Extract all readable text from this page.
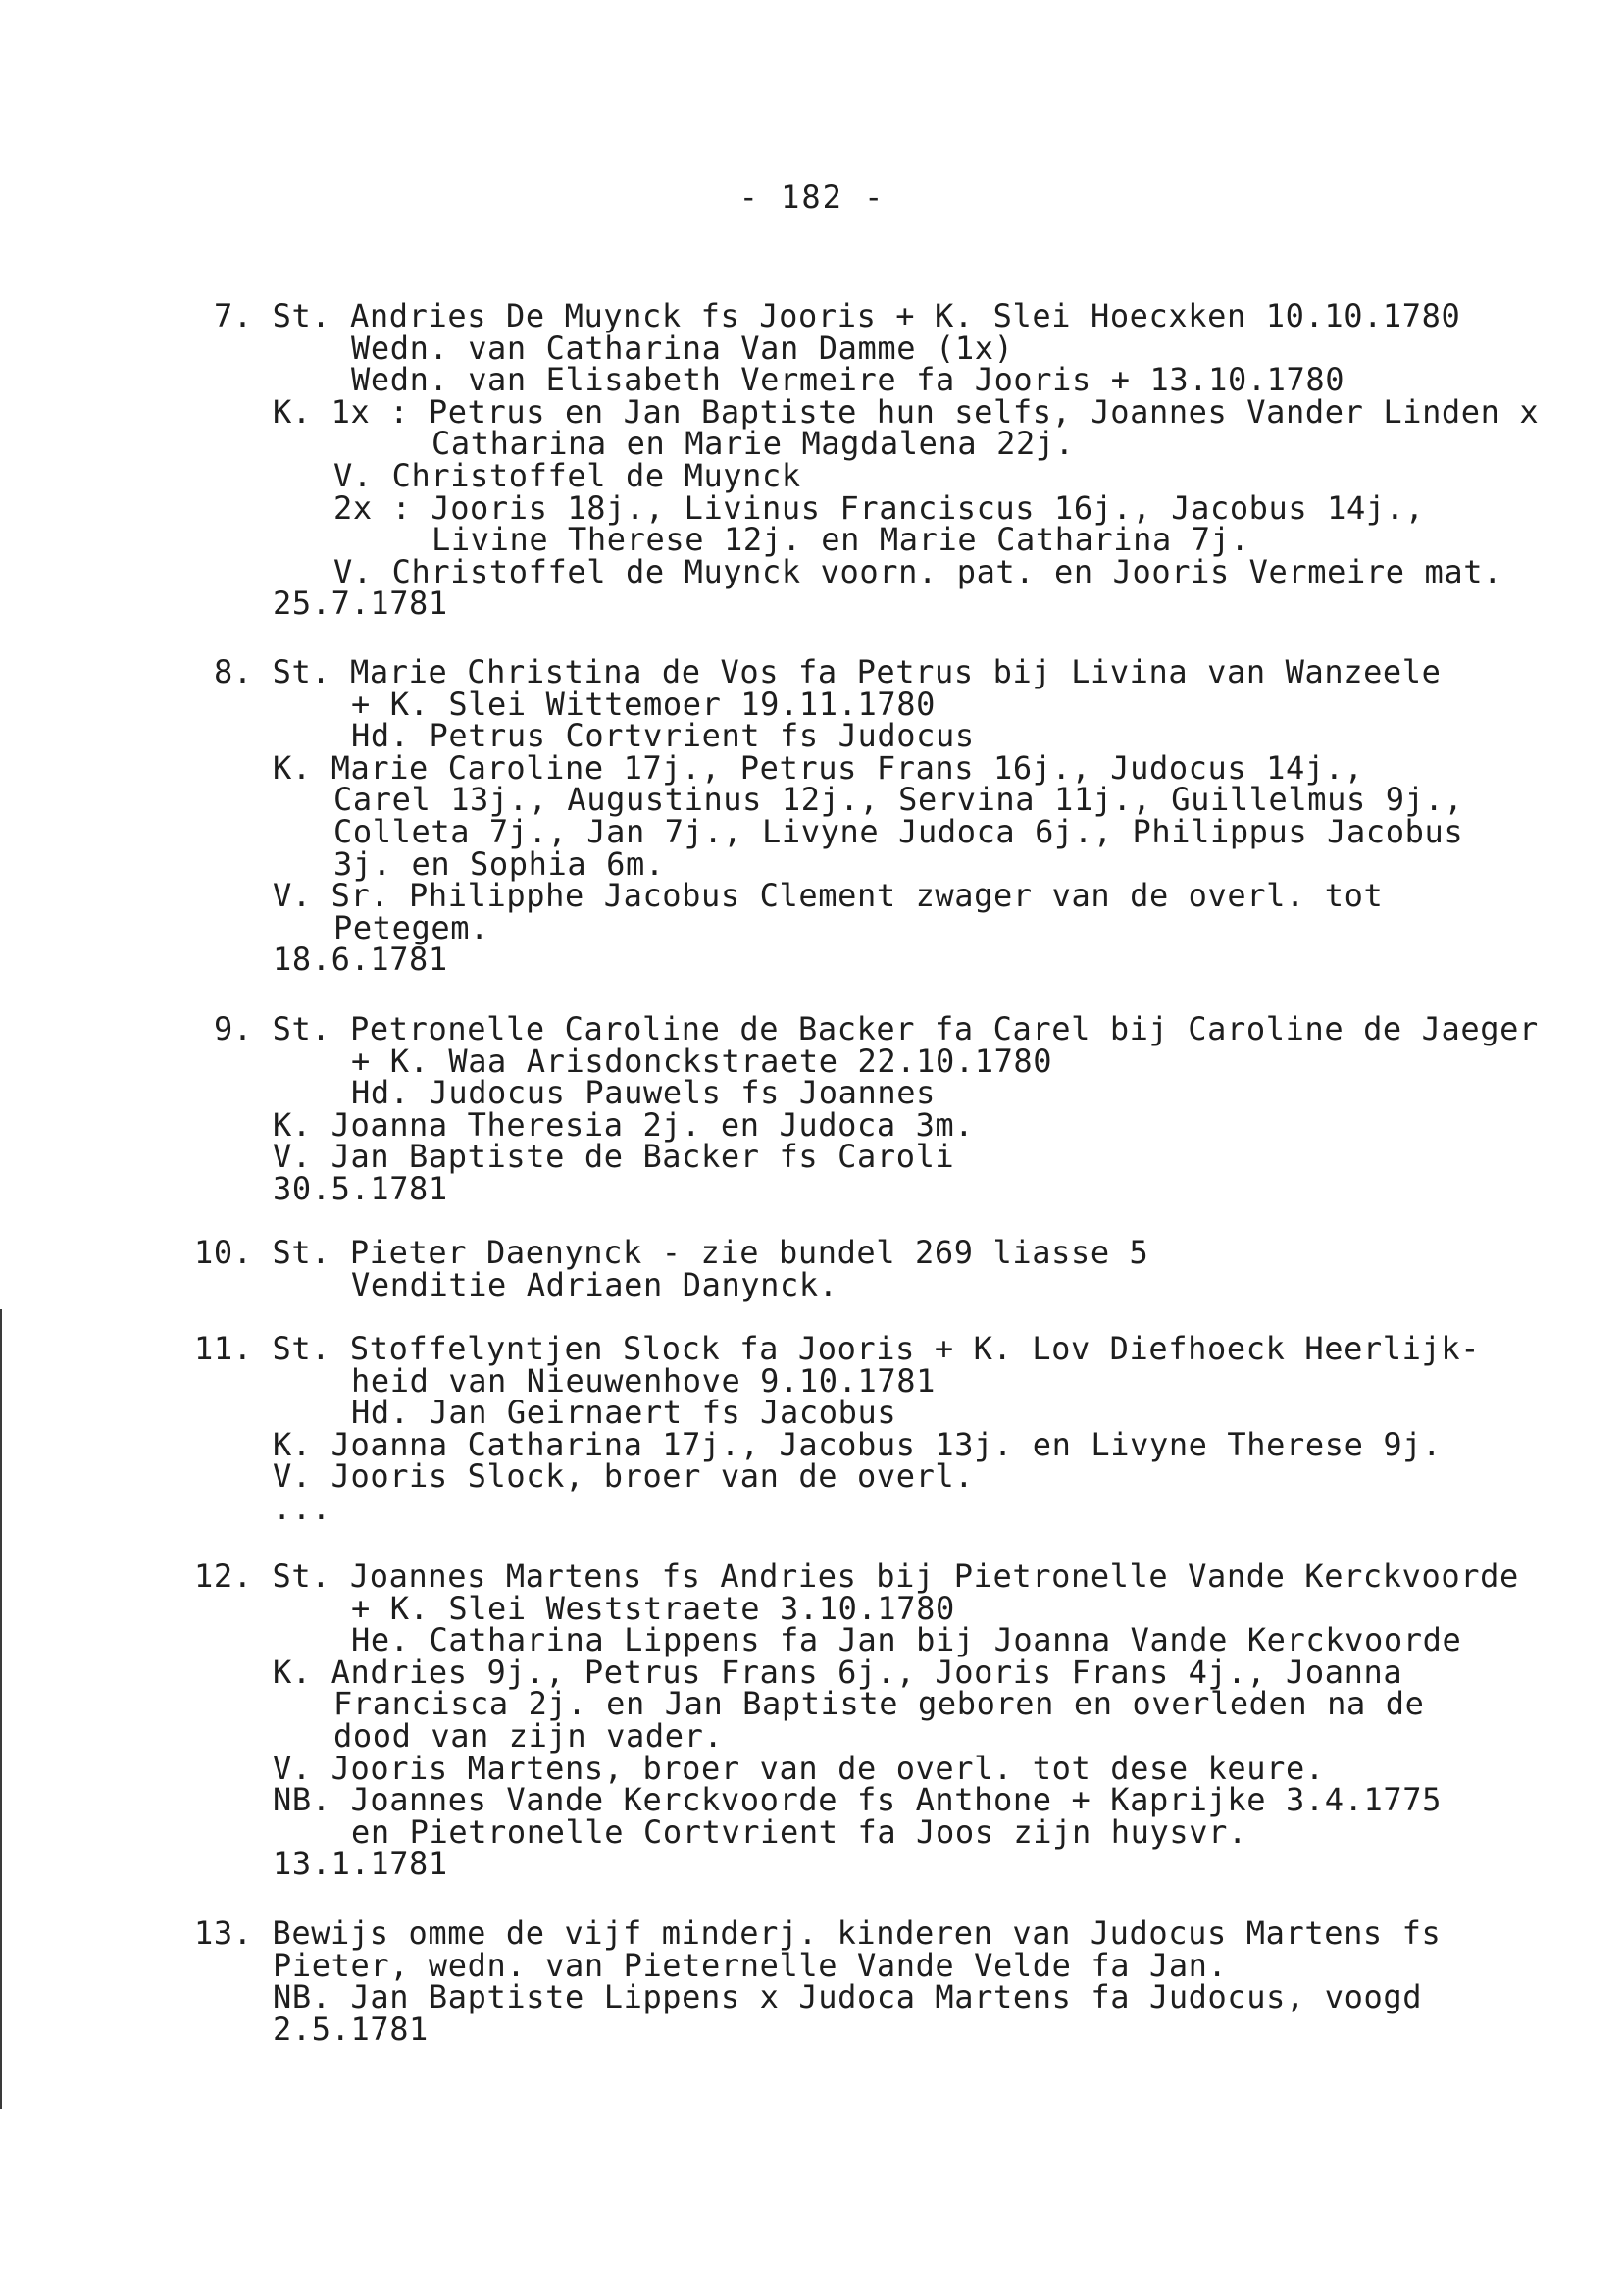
- 182 -
7. St. Andries De Muynck fs Jooris + K. Slei Hoecxken 10.10.1780
Wedn. van Catharina Van Damme (1x)
Wedn. van Elisabeth Vermeire fa Jooris + 13.10.1780
K. 1x : Petrus en Jan Baptiste hun selfs, Joannes Vander Linden x
Catharina en Marie Magdalena 22j.
V. Christoffel de Muynck
2x : Jooris 18j., Livinus Franciscus 16j., Jacobus 14j.,
Livine Therese 12j. en Marie Catharina 7j.
V. Christoffel de Muynck voorn. pat. en Jooris Vermeire mat.
25.7.1781
8. St. Marie Christina de Vos fa Petrus bij Livina van Wanzeele
+ K. Slei Wittemoer 19.11.1780
Hd. Petrus Cortvrient fs Judocus
K. Marie Caroline 17j., Petrus Frans 16j., Judocus 14j.,
Carel 13j., Augustinus 12j., Servina 11j., Guillelmus 9j.,
Colleta 7j., Jan 7j., Livyne Judoca 6j., Philippus Jacobus
3j. en Sophia 6m.
V. Sr. Philipphe Jacobus Clement zwager van de overl. tot
Petegem.
18.6.1781
9. St. Petronelle Caroline de Backer fa Carel bij Caroline de Jaeger
+ K. Waa Arisdonckstraete 22.10.1780
Hd. Judocus Pauwels fs Joannes
K. Joanna Theresia 2j. en Judoca 3m.
V. Jan Baptiste de Backer fs Caroli
30.5.1781
10. St. Pieter Daenynck - zie bundel 269 liasse 5
Venditie Adriaen Danynck.
11. St. Stoffelyntjen Slock fa Jooris + K. Lov Diefhoeck Heerlijk-
heid van Nieuwenhove 9.10.1781
Hd. Jan Geirnaert fs Jacobus
K. Joanna Catharina 17j., Jacobus 13j. en Livyne Therese 9j.
V. Jooris Slock, broer van de overl.
...
12. St. Joannes Martens fs Andries bij Pietronelle Vande Kerckvoorde
+ K. Slei Weststraete 3.10.1780
He. Catharina Lippens fa Jan bij Joanna Vande Kerckvoorde
K. Andries 9j., Petrus Frans 6j., Jooris Frans 4j., Joanna
Francisca 2j. en Jan Baptiste geboren en overleden na de
dood van zijn vader.
V. Jooris Martens, broer van de overl. tot dese keure.
NB. Joannes Vande Kerckvoorde fs Anthone + Kaprijke 3.4.1775
en Pietronelle Cortvrient fa Joos zijn huysvr.
13.1.1781
13. Bewijs omme de vijf minderj. kinderen van Judocus Martens fs
Pieter, wedn. van Pieternelle Vande Velde fa Jan.
NB. Jan Baptiste Lippens x Judoca Martens fa Judocus, voogd
2.5.1781
